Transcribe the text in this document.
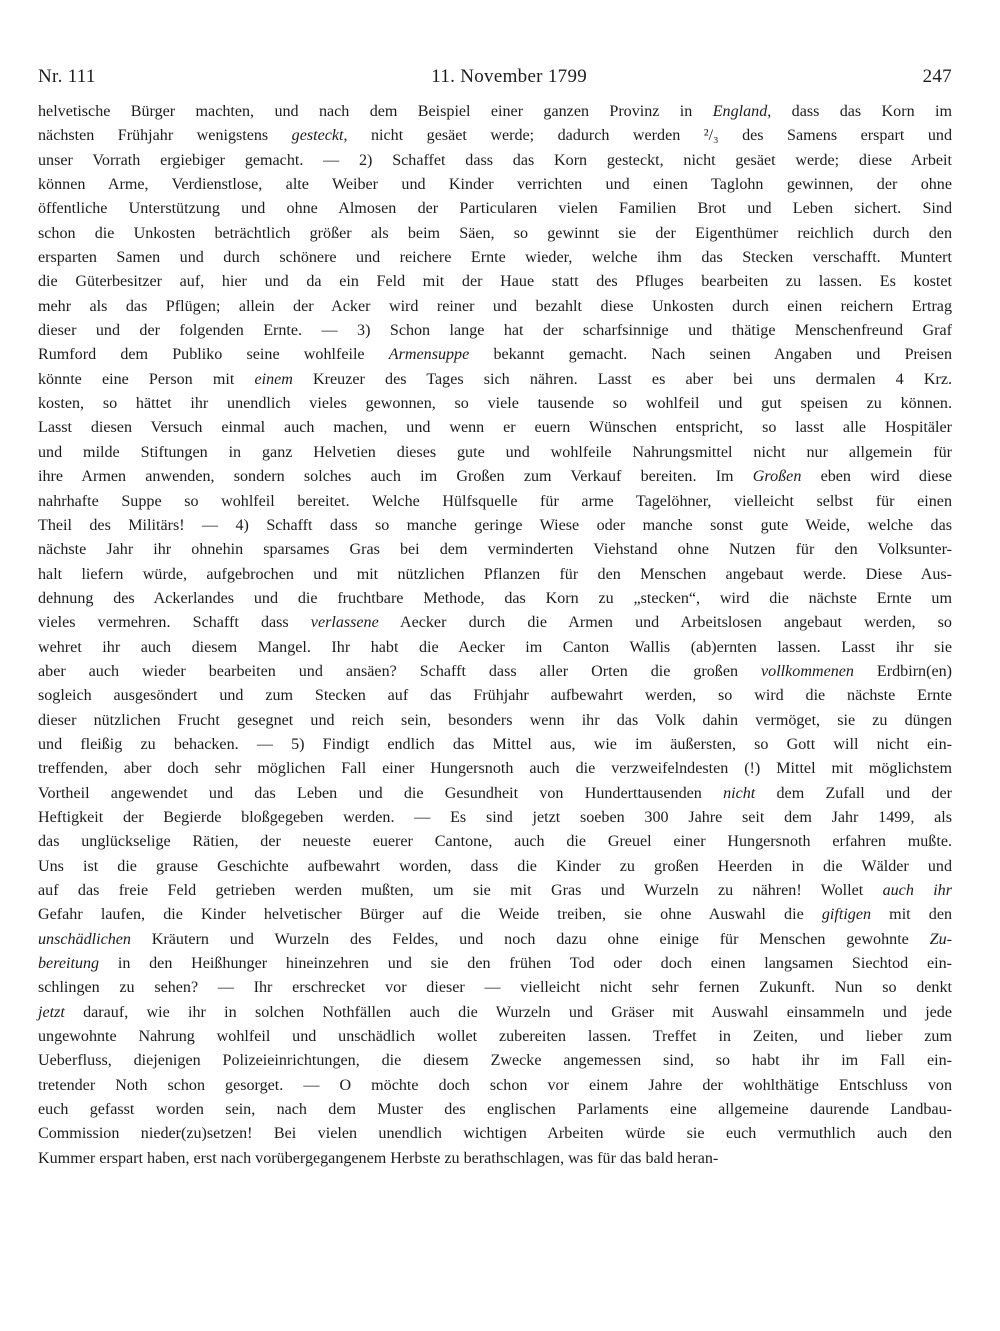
Nr. 111	11. November 1799	247
helvetische Bürger machten, und nach dem Beispiel einer ganzen Provinz in England, dass das Korn im
nächsten Frühjahr wenigstens gesteckt, nicht gesäet werde; dadurch werden ²/₃ des Samens erspart und
unser Vorrath ergiebiger gemacht. — 2) Schaffet dass das Korn gesteckt, nicht gesäet werde; diese Arbeit
können Arme, Verdienstlose, alte Weiber und Kinder verrichten und einen Taglohn gewinnen, der ohne
öffentliche Unterstützung und ohne Almosen der Particularen vielen Familien Brot und Leben sichert. Sind
schon die Unkosten beträchtlich größer als beim Säen, so gewinnt sie der Eigenthümer reichlich durch den
ersparten Samen und durch schönere und reichere Ernte wieder, welche ihm das Stecken verschafft. Muntert
die Güterbesitzer auf, hier und da ein Feld mit der Haue statt des Pfluges bearbeiten zu lassen. Es kostet
mehr als das Pflügen; allein der Acker wird reiner und bezahlt diese Unkosten durch einen reichern Ertrag
dieser und der folgenden Ernte. — 3) Schon lange hat der scharfsinnige und thätige Menschenfreund Graf
Rumford dem Publiko seine wohlfeile Armensuppe bekannt gemacht. Nach seinen Angaben und Preisen
könnte eine Person mit einem Kreuzer des Tages sich nähren. Lasst es aber bei uns dermalen 4 Krz.
kosten, so hättet ihr unendlich vieles gewonnen, so viele tausende so wohlfeil und gut speisen zu können.
Lasst diesen Versuch einmal auch machen, und wenn er euern Wünschen entspricht, so lasst alle Hospitäler
und milde Stiftungen in ganz Helvetien dieses gute und wohlfeile Nahrungsmittel nicht nur allgemein für
ihre Armen anwenden, sondern solches auch im Großen zum Verkauf bereiten. Im Großen eben wird diese
nahrhafte Suppe so wohlfeil bereitet. Welche Hülfsquelle für arme Tagelöhner, vielleicht selbst für einen
Theil des Militärs! — 4) Schafft dass so manche geringe Wiese oder manche sonst gute Weide, welche das
nächste Jahr ihr ohnehin sparsames Gras bei dem verminderten Viehstand ohne Nutzen für den Volksunter-
halt liefern würde, aufgebrochen und mit nützlichen Pflanzen für den Menschen angebaut werde. Diese Aus-
dehnung des Ackerlandes und die fruchtbare Methode, das Korn zu „stecken“, wird die nächste Ernte um
vieles vermehren. Schafft dass verlassene Aecker durch die Armen und Arbeitslosen angebaut werden, so
wehret ihr auch diesem Mangel. Ihr habt die Aecker im Canton Wallis (ab)ernten lassen. Lasst ihr sie
aber auch wieder bearbeiten und ansäen? Schafft dass aller Orten die großen vollkommenen Erdbirn(en)
sogleich ausgesöndert und zum Stecken auf das Frühjahr aufbewahrt werden, so wird die nächste Ernte
dieser nützlichen Frucht gesegnet und reich sein, besonders wenn ihr das Volk dahin vermöget, sie zu düngen
und fleißig zu behacken. — 5) Findigt endlich das Mittel aus, wie im äußersten, so Gott will nicht ein-
treffenden, aber doch sehr möglichen Fall einer Hungersnoth auch die verzweifelndesten (!) Mittel mit möglichstem
Vortheil angewendet und das Leben und die Gesundheit von Hunderttausenden nicht dem Zufall und der
Heftigkeit der Begierde bloßgegeben werden. — Es sind jetzt soeben 300 Jahre seit dem Jahr 1499, als
das unglückselige Rätien, der neueste euerer Cantone, auch die Greuel einer Hungersnoth erfahren mußte.
Uns ist die grause Geschichte aufbewahrt worden, dass die Kinder zu großen Heerden in die Wälder und
auf das freie Feld getrieben werden mußten, um sie mit Gras und Wurzeln zu nähren! Wollet auch ihr
Gefahr laufen, die Kinder helvetischer Bürger auf die Weide treiben, sie ohne Auswahl die giftigen mit den
unschädlichen Kräutern und Wurzeln des Feldes, und noch dazu ohne einige für Menschen gewohnte Zu-
bereitung in den Heißhunger hineinzehren und sie den frühen Tod oder doch einen langsamen Siechtod ein-
schlingen zu sehen? — Ihr erschrecket vor dieser — vielleicht nicht sehr fernen Zukunft. Nun so denkt
jetzt darauf, wie ihr in solchen Nothfällen auch die Wurzeln und Gräser mit Auswahl einsammeln und jede
ungewohnte Nahrung wohlfeil und unschädlich wollet zubereiten lassen. Treffet in Zeiten, und lieber zum
Ueberfluss, diejenigen Polizeieinrichtungen, die diesem Zwecke angemessen sind, so habt ihr im Fall ein-
tretender Noth schon gesorget. — O möchte doch schon vor einem Jahre der wohlthätige Entschluss von
euch gefasst worden sein, nach dem Muster des englischen Parlaments eine allgemeine daurende Landbau-
Commission nieder(zu)setzen! Bei vielen unendlich wichtigen Arbeiten würde sie euch vermuthlich auch den
Kummer erspart haben, erst nach vorübergegangenem Herbste zu berathschlagen, was für das bald heran-
